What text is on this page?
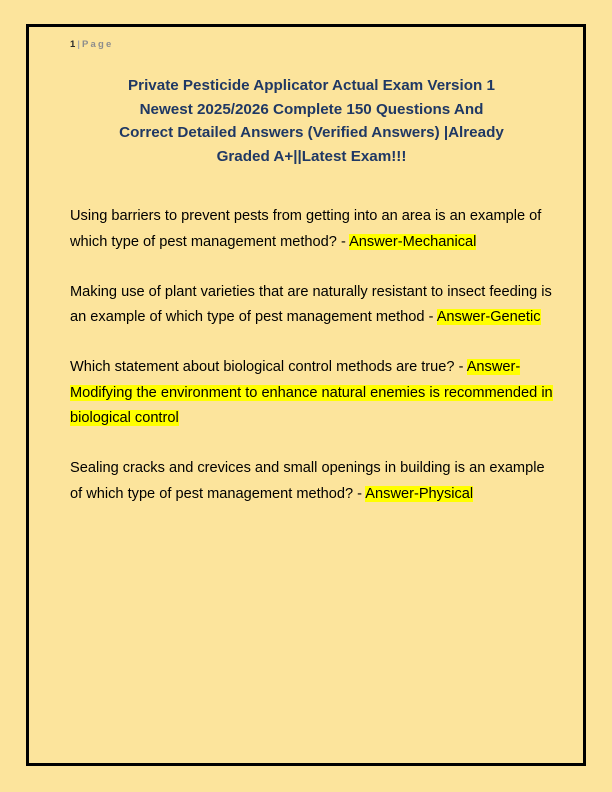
1 | Page
Private Pesticide Applicator Actual Exam Version 1
Newest 2025/2026 Complete 150 Questions And
Correct Detailed Answers (Verified Answers) |Already
Graded A+||Latest Exam!!!

Using barriers to prevent pests from getting into an area is an example of which type of pest management method? - Answer-Mechanical

Making use of plant varieties that are naturally resistant to insect feeding is an example of which type of pest management method - Answer-Genetic

Which statement about biological control methods are true? - Answer-Modifying the environment to enhance natural enemies is recommended in biological control

Sealing cracks and crevices and small openings in building is an example of which type of pest management method? - Answer-Physical
